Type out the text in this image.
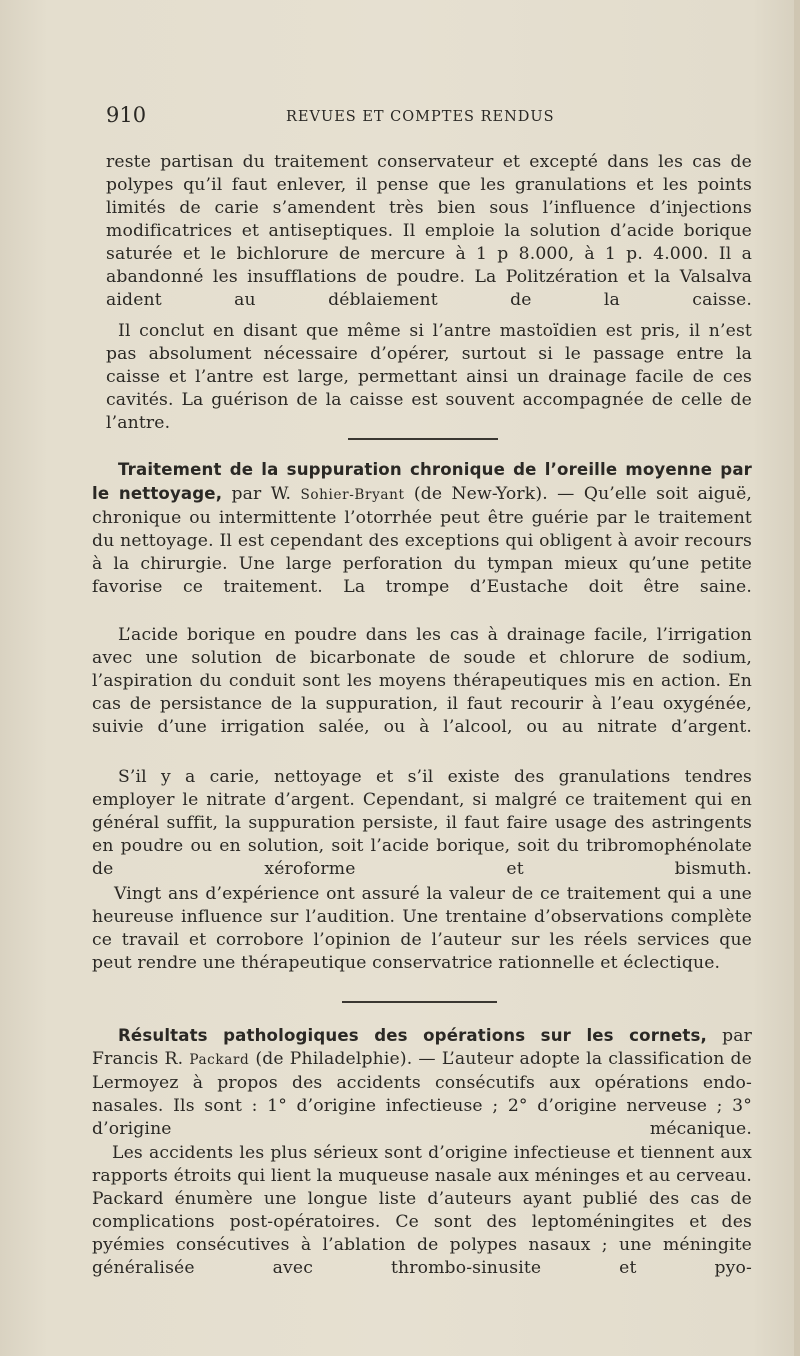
910	REVUES ET COMPTES RENDUS

reste partisan du traitement conservateur et excepté dans les cas de polypes qu’il faut enlever, il pense que les granulations et les points limités de carie s’amendent très bien sous l’influence d’injections modificatrices et antiseptiques. Il emploie la solution d’acide borique saturée et le bichlorure de mercure à 1 p 8.000, à 1 p. 4.000. Il a abandonné les insufflations de poudre. La Politzération et la Valsalva aident au déblaiement de la caisse.

Il conclut en disant que même si l’antre mastoïdien est pris, il n’est pas absolument nécessaire d’opérer, surtout si le passage entre la caisse et l’antre est large, permettant ainsi un drainage facile de ces cavités. La guérison de la caisse est souvent accompagnée de celle de l’antre.

Traitement de la suppuration chronique de l’oreille moyenne par le nettoyage, par W. Sohier-Bryant (de New-York). — Qu’elle soit aiguë, chronique ou intermittente l’otorrhée peut être guérie par le traitement du nettoyage. Il est cependant des exceptions qui obligent à avoir recours à la chirurgie. Une large perforation du tympan mieux qu’une petite favorise ce traitement. La trompe d’Eustache doit être saine.

L’acide borique en poudre dans les cas à drainage facile, l’irrigation avec une solution de bicarbonate de soude et chlorure de sodium, l’aspiration du conduit sont les moyens thérapeutiques mis en action. En cas de persistance de la suppuration, il faut recourir à l’eau oxygénée, suivie d’une irrigation salée, ou à l’alcool, ou au nitrate d’argent.

S’il y a carie, nettoyage et s’il existe des granulations tendres employer le nitrate d’argent. Cependant, si malgré ce traitement qui en général suffit, la suppuration persiste, il faut faire usage des astringents en poudre ou en solution, soit l’acide borique, soit du tribromophénolate de xéroforme et bismuth.

Vingt ans d’expérience ont assuré la valeur de ce traitement qui a une heureuse influence sur l’audition. Une trentaine d’observations complète ce travail et corrobore l’opinion de l’auteur sur les réels services que peut rendre une thérapeutique conservatrice rationnelle et éclectique.

Résultats pathologiques des opérations sur les cornets, par Francis R. Packard (de Philadelphie). — L’auteur adopte la classification de Lermoyez à propos des accidents consécutifs aux opérations endo-nasales. Ils sont : 1° d’origine infectieuse ; 2° d’origine nerveuse ; 3° d’origine mécanique.

Les accidents les plus sérieux sont d’origine infectieuse et tiennent aux rapports étroits qui lient la muqueuse nasale aux méninges et au cerveau. Packard énumère une longue liste d’auteurs ayant publié des cas de complications post-opératoires. Ce sont des leptoméningites et des pyémies consécutives à l’ablation de polypes nasaux ; une méningite généralisée avec thrombo-sinusite et pyo-
